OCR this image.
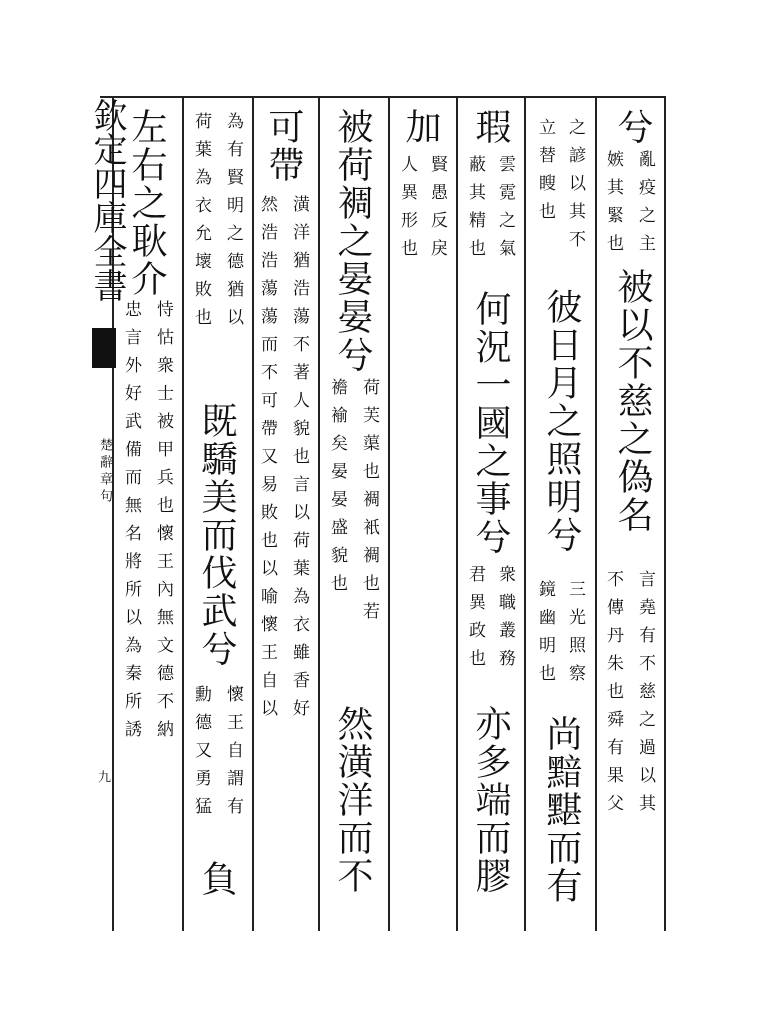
欽定四庫全書
楚辭章句
九
兮
亂疫之主
嫉其緊也
被以不慈之偽名
言堯有不慈之過以其
不傳丹朱也舜有果父
之諺以其不
立替瞍也
彼日月之照明兮
三光照察
鏡幽明也
尚黯黮而有
瑕
雲霓之氣
蔽其精也
何況一國之事兮
衆職叢務
君異政也
亦多端而膠
加
賢愚反戾
人異形也
被荷裯之晏晏兮
荷芙蕖也裯衹裯也若
襜褕矣晏晏盛貌也
然潢洋而不
可帶
潢洋猶浩蕩不著人貌也言以荷葉為衣雖香好
然浩浩蕩蕩而不可帶又易敗也以喻懷王自以
為有賢明之德猶以
荷葉為衣允壞敗也
既驕美而伐武兮
懷王自謂有
勳德又勇猛
負
左右之耿介
恃怙衆士被甲兵也懷王內無文德不納
忠言外好武備而無名將所以為秦所誘
